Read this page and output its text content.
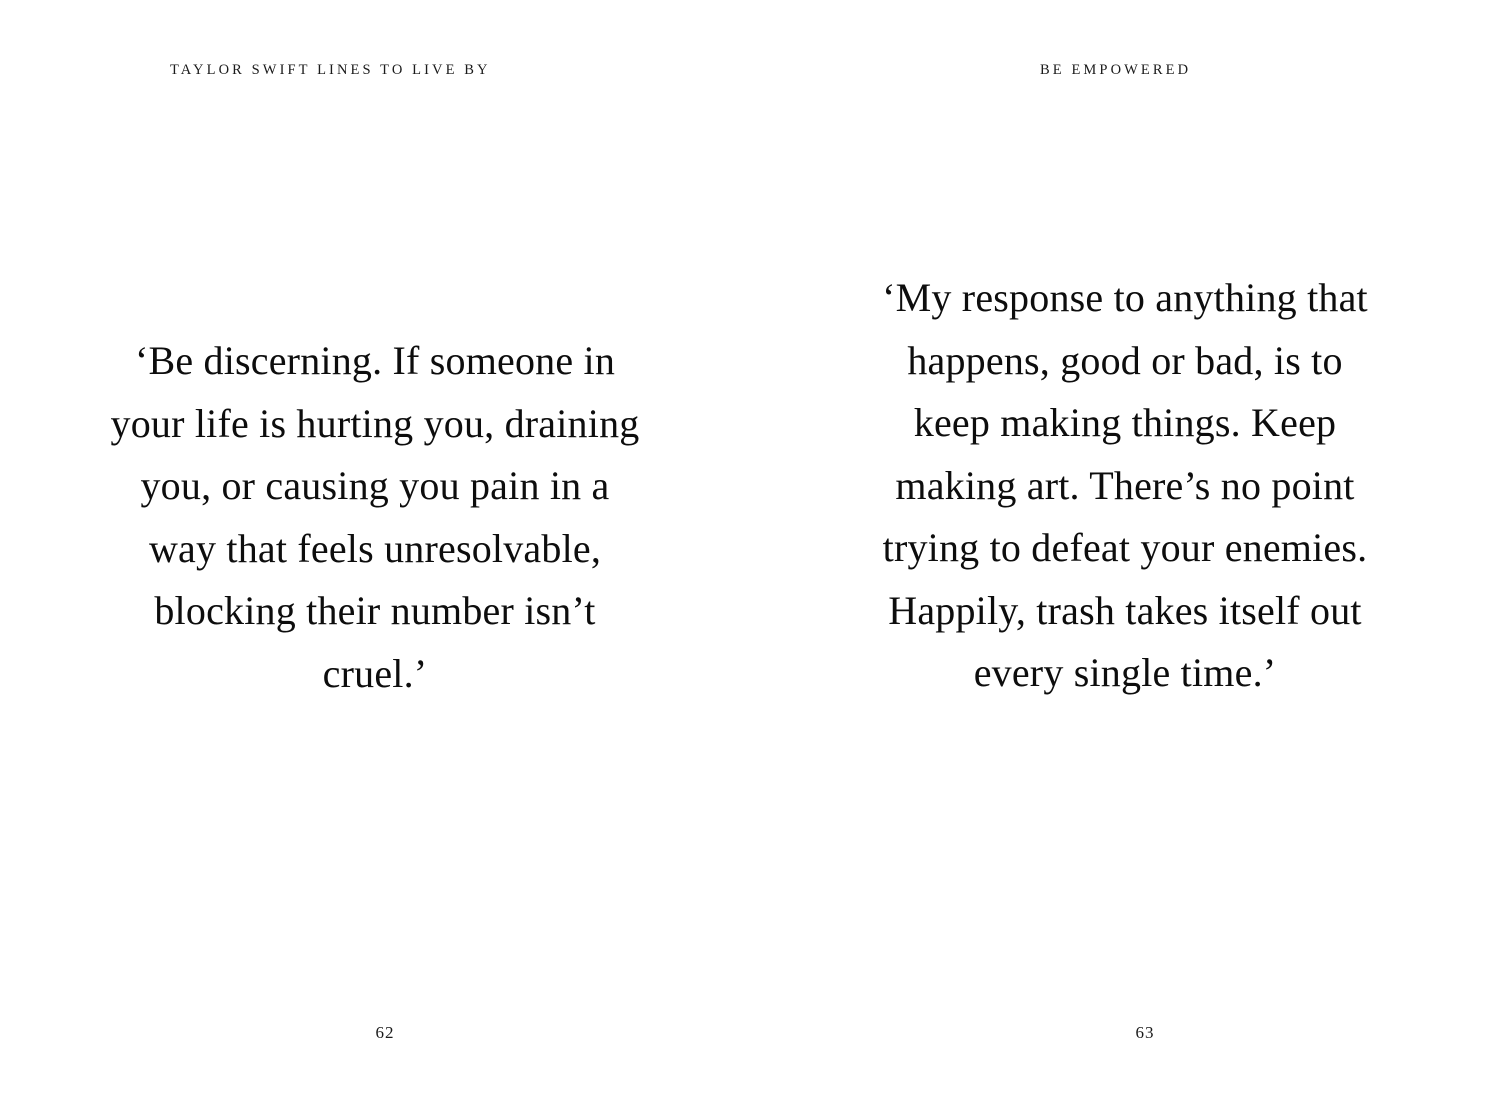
TAYLOR SWIFT LINES TO LIVE BY
‘Be discerning. If someone in your life is hurting you, draining you, or causing you pain in a way that feels unresolvable, blocking their number isn’t cruel.’
62
BE EMPOWERED
‘My response to anything that happens, good or bad, is to keep making things. Keep making art. There’s no point trying to defeat your enemies. Happily, trash takes itself out every single time.’
63
